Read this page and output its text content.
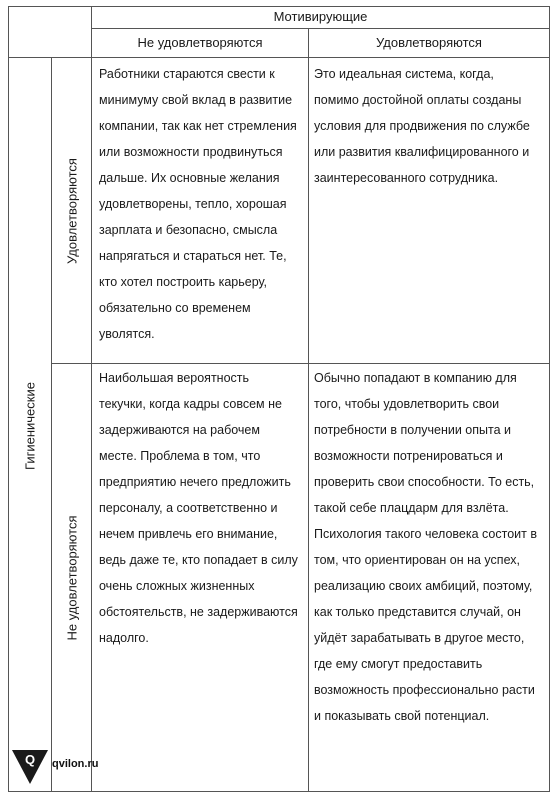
Мотивирующие
Не удовлетворяются	Удовлетворяются
Гигиенические
Удовлетворяются
Не удовлетворяются

Работники стараются свести к минимуму свой вклад в развитие компании, так как нет стремления или возможности продвинуться дальше. Их основные желания удовлетворены, тепло, хорошая зарплата и безопасно, смысла напрягаться и стараться нет. Те, кто хотел построить карьеру, обязательно со временем уволятся.

Это идеальная система, когда, помимо достойной оплаты созданы условия для продвижения по службе или развития квалифицированного и заинтересованного сотрудника.

Наибольшая вероятность текучки, когда кадры совсем не задерживаются на рабочем месте. Проблема в том, что предприятию нечего предложить персоналу, а соответственно и нечем привлечь его внимание, ведь даже те, кто попадает в силу очень сложных жизненных обстоятельств, не задерживаются надолго.

Обычно попадают в компанию для того, чтобы удовлетворить свои потребности в получении опыта и возможности потренироваться и проверить свои способности. То есть, такой себе плацдарм для взлёта. Психология такого человека состоит в том, что ориентирован он на успех, реализацию своих амбиций, поэтому, как только представится случай, он уйдёт зарабатывать в другое место, где ему смогут предоставить возможность профессионально расти и показывать свой потенциал.

Q qvilon.ru
